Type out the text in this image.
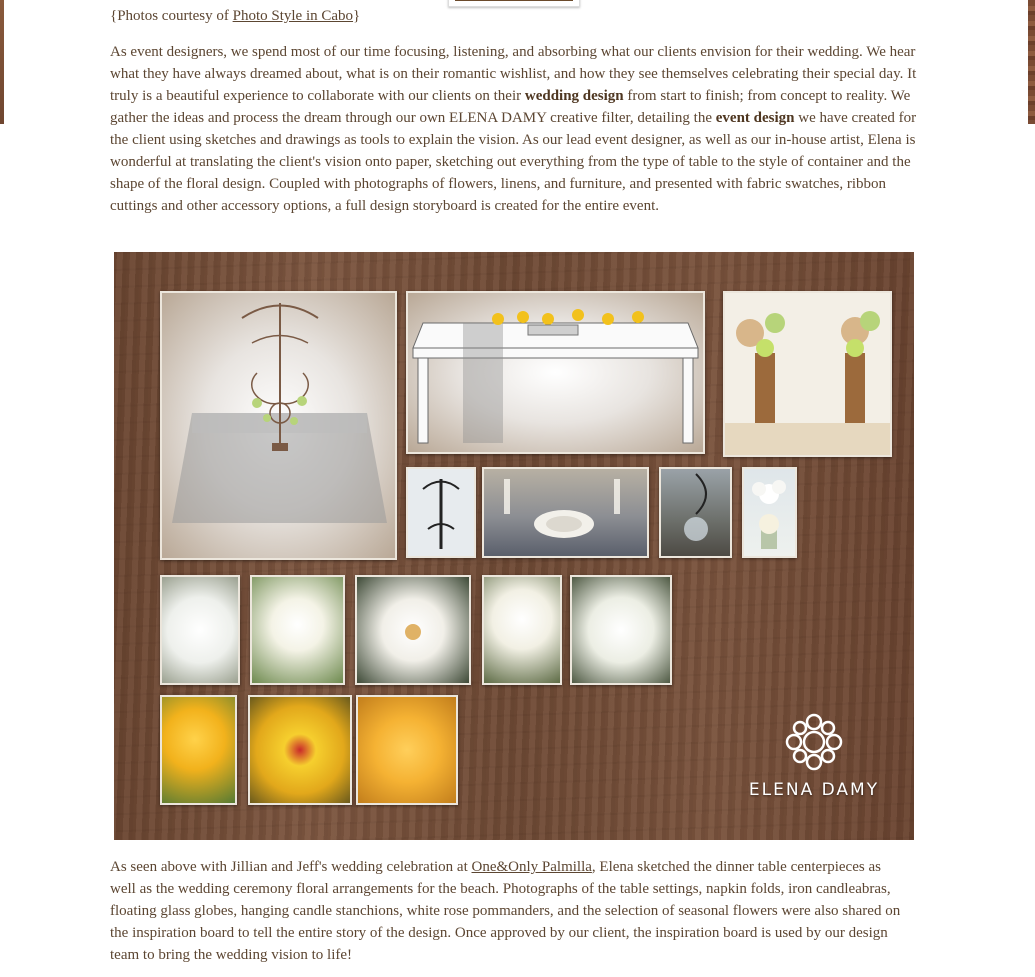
{Photos courtesy of Photo Style in Cabo}

As event designers, we spend most of our time focusing, listening, and absorbing what our clients envision for their wedding. We hear what they have always dreamed about, what is on their romantic wishlist, and how they see themselves celebrating their special day. It truly is a beautiful experience to collaborate with our clients on their wedding design from start to finish; from concept to reality. We gather the ideas and process the dream through our own ELENA DAMY creative filter, detailing the event design we have created for the client using sketches and drawings as tools to explain the vision. As our lead event designer, as well as our in-house artist, Elena is wonderful at translating the client's vision onto paper, sketching out everything from the type of table to the style of container and the shape of the floral design. Coupled with photographs of flowers, linens, and furniture, and presented with fabric swatches, ribbon cuttings and other accessory options, a full design storyboard is created for the entire event.

ELENA DAMY

As seen above with Jillian and Jeff's wedding celebration at One&Only Palmilla, Elena sketched the dinner table centerpieces as well as the wedding ceremony floral arrangements for the beach. Photographs of the table settings, napkin folds, iron candleabras, floating glass globes, hanging candle stanchions, white rose pommanders, and the selection of seasonal flowers were also shared on the inspiration board to tell the entire story of the design. Once approved by our client, the inspiration board is used by our design team to bring the wedding vision to life!
